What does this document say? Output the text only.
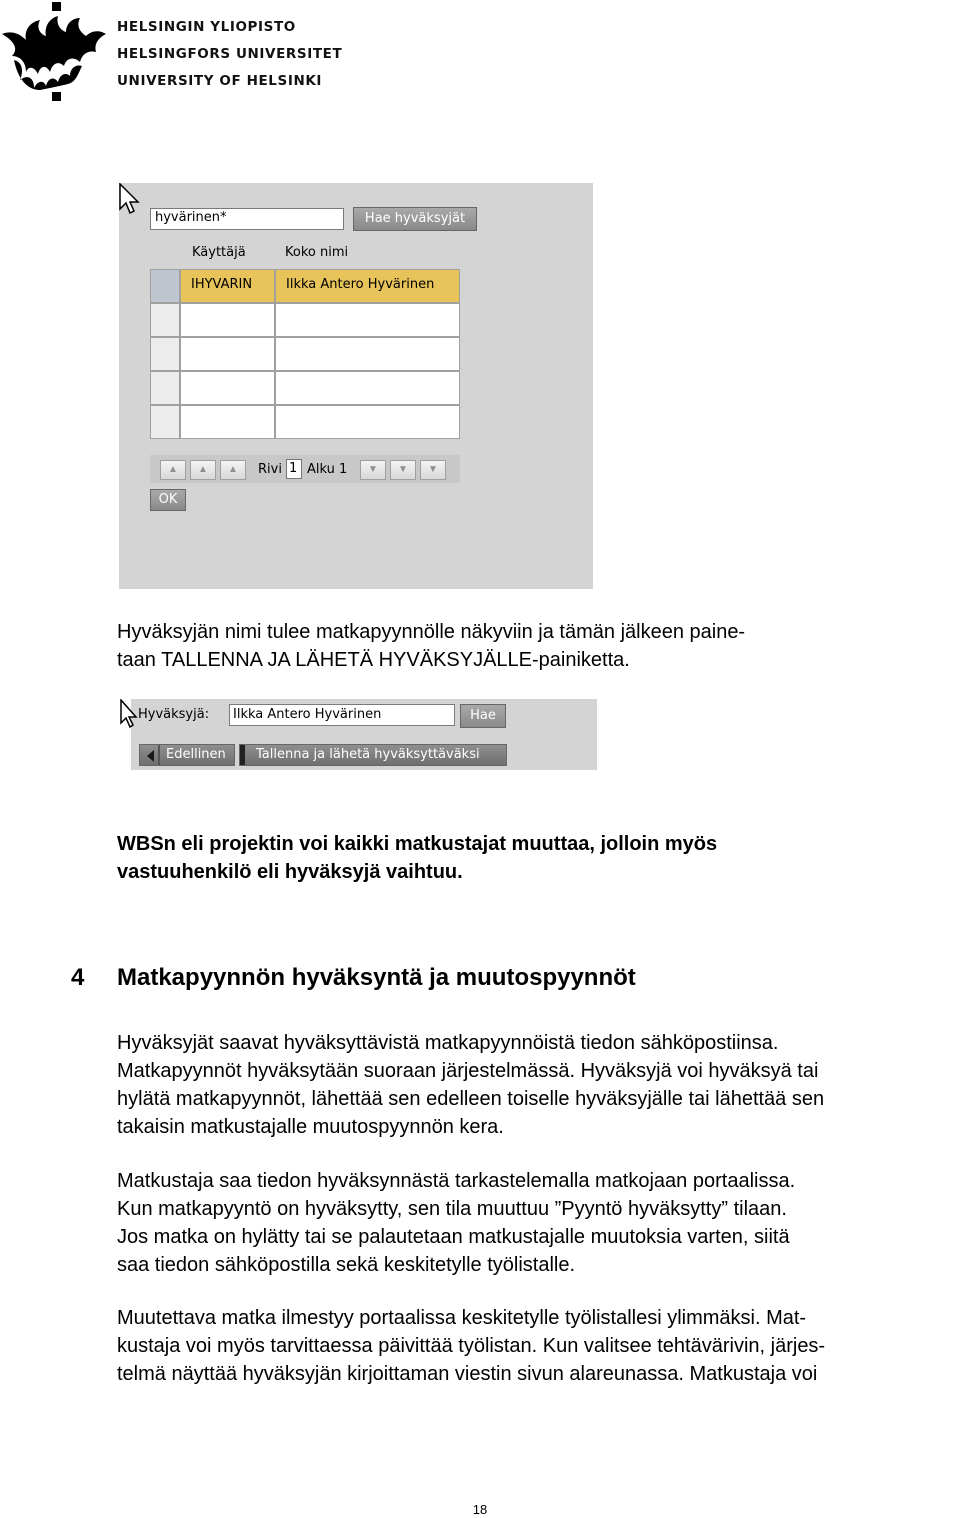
HELSINGIN YLIOPISTO
HELSINGFORS UNIVERSITET
UNIVERSITY OF HELSINKI
hyvärinen*	Hae hyväksyjät
Käyttäjä	Koko nimi
IHYVARIN	Ilkka Antero Hyvärinen
▲	▲	▲	Rivi 1 Alku 1	▼	▼	▼
OK
Hyväksyjän nimi tulee matkapyynnölle näkyviin ja tämän jälkeen paine-
taan TALLENNA JA LÄHETÄ HYVÄKSYJÄLLE-painiketta.
Hyväksyjä:	Ilkka Antero Hyvärinen	Hae
Edellinen	Tallenna ja lähetä hyväksyttäväksi
WBSn eli projektin voi kaikki matkustajat muuttaa, jolloin myös
vastuuhenkilö eli hyväksyjä vaihtuu.
4 Matkapyynnön hyväksyntä ja muutospyynnöt
Hyväksyjät saavat hyväksyttävistä matkapyynnöistä tiedon sähköpostiinsa.
Matkapyynnöt hyväksytään suoraan järjestelmässä. Hyväksyjä voi hyväksyä tai
hylätä matkapyynnöt, lähettää sen edelleen toiselle hyväksyjälle tai lähettää sen
takaisin matkustajalle muutospyynnön kera.
Matkustaja saa tiedon hyväksynnästä tarkastelemalla matkojaan portaalissa.
Kun matkapyyntö on hyväksytty, sen tila muuttuu ”Pyyntö hyväksytty” tilaan.
Jos matka on hylätty tai se palautetaan matkustajalle muutoksia varten, siitä
saa tiedon sähköpostilla sekä keskitetylle työlistalle.
Muutettava matka ilmestyy portaalissa keskitetylle työlistallesi ylimmäksi. Mat-
kustaja voi myös tarvittaessa päivittää työlistan. Kun valitsee tehtävärivin, järjes-
telmä näyttää hyväksyjän kirjoittaman viestin sivun alareunassa. Matkustaja voi
18
